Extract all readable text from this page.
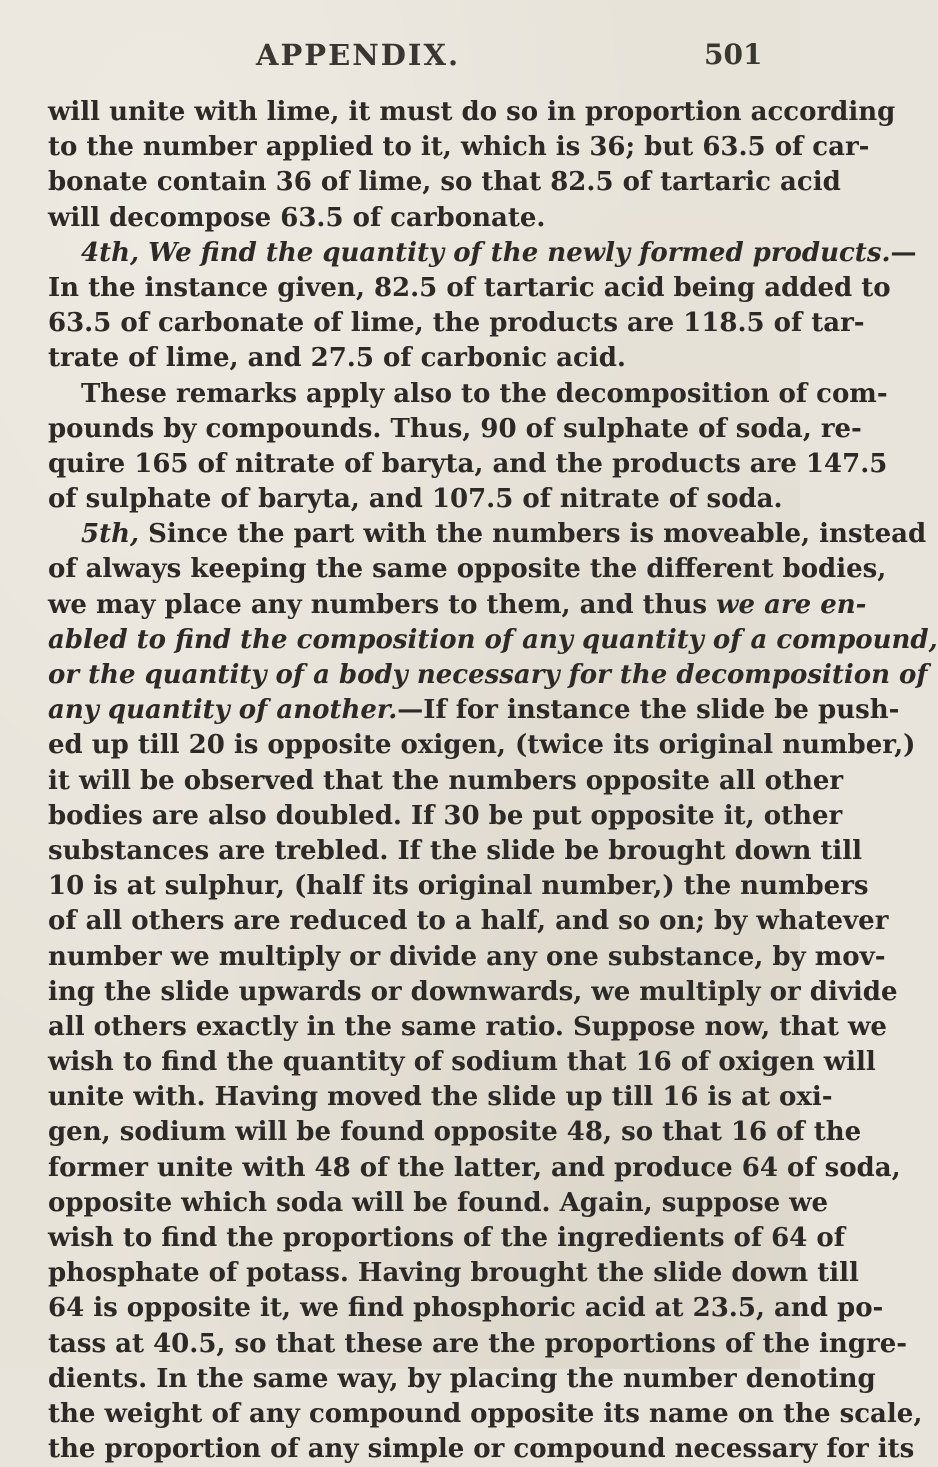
APPENDIX.	501
will unite with lime, it must do so in proportion according
to the number applied to it, which is 36; but 63.5 of car-
bonate contain 36 of lime, so that 82.5 of tartaric acid
will decompose 63.5 of carbonate.
4th, We find the quantity of the newly formed products.—
In the instance given, 82.5 of tartaric acid being added to
63.5 of carbonate of lime, the products are 118.5 of tar-
trate of lime, and 27.5 of carbonic acid.
These remarks apply also to the decomposition of com-
pounds by compounds. Thus, 90 of sulphate of soda, re-
quire 165 of nitrate of baryta, and the products are 147.5
of sulphate of baryta, and 107.5 of nitrate of soda.
5th, Since the part with the numbers is moveable, instead
of always keeping the same opposite the different bodies,
we may place any numbers to them, and thus we are en-
abled to find the composition of any quantity of a compound,
or the quantity of a body necessary for the decomposition of
any quantity of another.—If for instance the slide be push-
ed up till 20 is opposite oxigen, (twice its original number,)
it will be observed that the numbers opposite all other
bodies are also doubled. If 30 be put opposite it, other
substances are trebled. If the slide be brought down till
10 is at sulphur, (half its original number,) the numbers
of all others are reduced to a half, and so on; by whatever
number we multiply or divide any one substance, by mov-
ing the slide upwards or downwards, we multiply or divide
all others exactly in the same ratio. Suppose now, that we
wish to find the quantity of sodium that 16 of oxigen will
unite with. Having moved the slide up till 16 is at oxi-
gen, sodium will be found opposite 48, so that 16 of the
former unite with 48 of the latter, and produce 64 of soda,
opposite which soda will be found. Again, suppose we
wish to find the proportions of the ingredients of 64 of
phosphate of potass. Having brought the slide down till
64 is opposite it, we find phosphoric acid at 23.5, and po-
tass at 40.5, so that these are the proportions of the ingre-
dients. In the same way, by placing the number denoting
the weight of any compound opposite its name on the scale,
the proportion of any simple or compound necessary for its
